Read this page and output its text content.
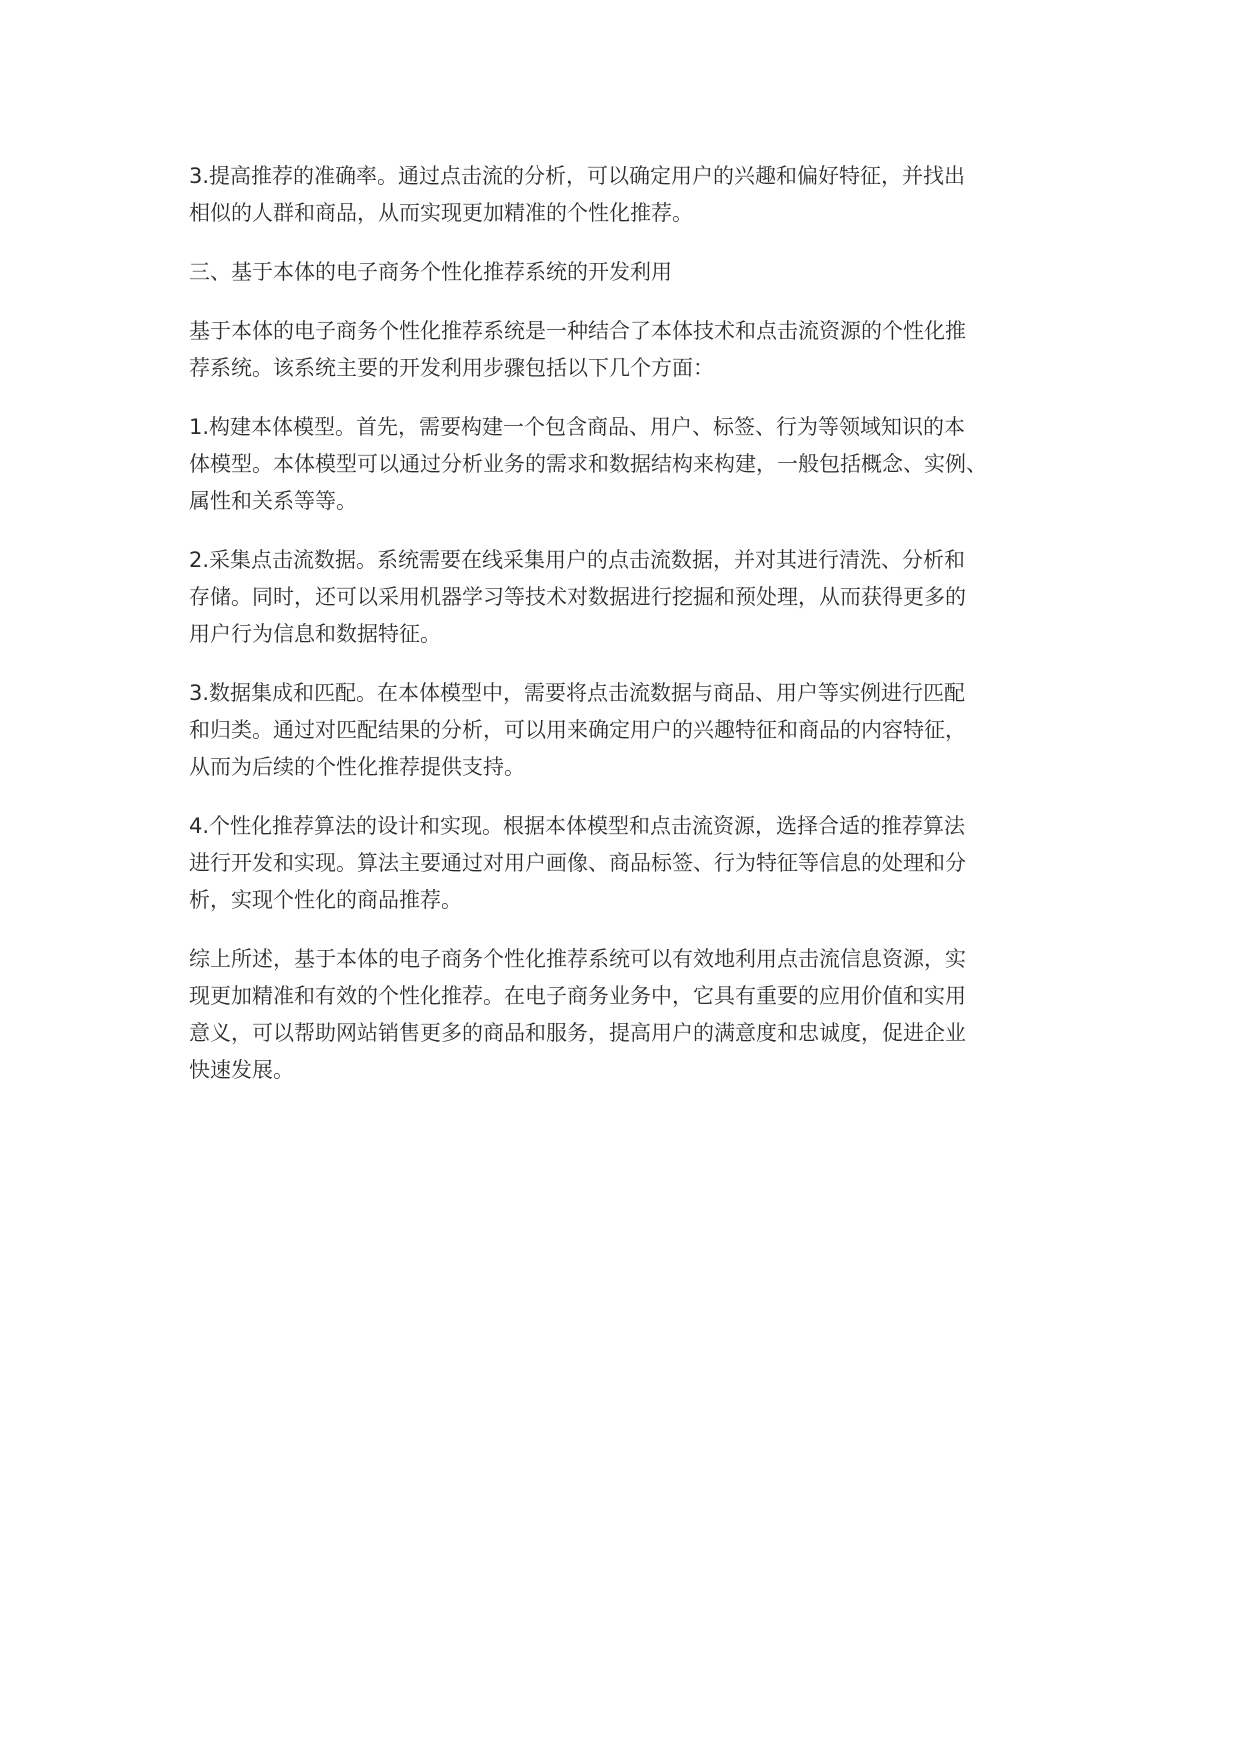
3.提高推荐的准确率。通过点击流的分析，可以确定用户的兴趣和偏好特征，并找出
相似的人群和商品，从而实现更加精准的个性化推荐。
三、基于本体的电子商务个性化推荐系统的开发利用
基于本体的电子商务个性化推荐系统是一种结合了本体技术和点击流资源的个性化推
荐系统。该系统主要的开发利用步骤包括以下几个方面：
1.构建本体模型。首先，需要构建一个包含商品、用户、标签、行为等领域知识的本
体模型。本体模型可以通过分析业务的需求和数据结构来构建，一般包括概念、实例、
属性和关系等等。
2.采集点击流数据。系统需要在线采集用户的点击流数据，并对其进行清洗、分析和
存储。同时，还可以采用机器学习等技术对数据进行挖掘和预处理，从而获得更多的
用户行为信息和数据特征。
3.数据集成和匹配。在本体模型中，需要将点击流数据与商品、用户等实例进行匹配
和归类。通过对匹配结果的分析，可以用来确定用户的兴趣特征和商品的内容特征，
从而为后续的个性化推荐提供支持。
4.个性化推荐算法的设计和实现。根据本体模型和点击流资源，选择合适的推荐算法
进行开发和实现。算法主要通过对用户画像、商品标签、行为特征等信息的处理和分
析，实现个性化的商品推荐。
综上所述，基于本体的电子商务个性化推荐系统可以有效地利用点击流信息资源，实
现更加精准和有效的个性化推荐。在电子商务业务中，它具有重要的应用价值和实用
意义，可以帮助网站销售更多的商品和服务，提高用户的满意度和忠诚度，促进企业
快速发展。
